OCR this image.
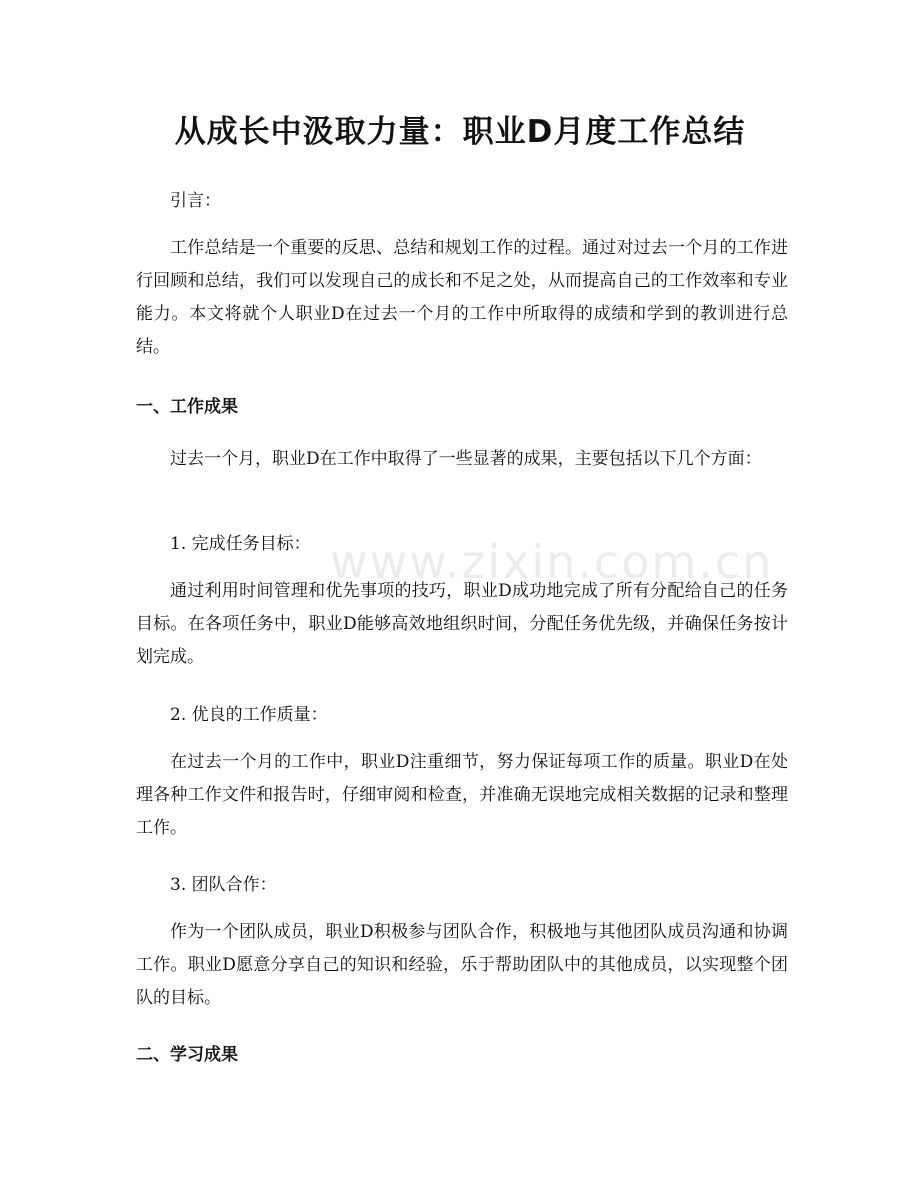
从成长中汲取力量：职业D月度工作总结

引言：

工作总结是一个重要的反思、总结和规划工作的过程。通过对过去一个月的工作进行回顾和总结，我们可以发现自己的成长和不足之处，从而提高自己的工作效率和专业能力。本文将就个人职业D在过去一个月的工作中所取得的成绩和学到的教训进行总结。

一、工作成果

过去一个月，职业D在工作中取得了一些显著的成果，主要包括以下几个方面：

1. 完成任务目标：

通过利用时间管理和优先事项的技巧，职业D成功地完成了所有分配给自己的任务目标。在各项任务中，职业D能够高效地组织时间，分配任务优先级，并确保任务按计划完成。

2. 优良的工作质量：

在过去一个月的工作中，职业D注重细节，努力保证每项工作的质量。职业D在处理各种工作文件和报告时，仔细审阅和检查，并准确无误地完成相关数据的记录和整理工作。

3. 团队合作：

作为一个团队成员，职业D积极参与团队合作，积极地与其他团队成员沟通和协调工作。职业D愿意分享自己的知识和经验，乐于帮助团队中的其他成员，以实现整个团队的目标。

二、学习成果
www.zixin.com.cn
